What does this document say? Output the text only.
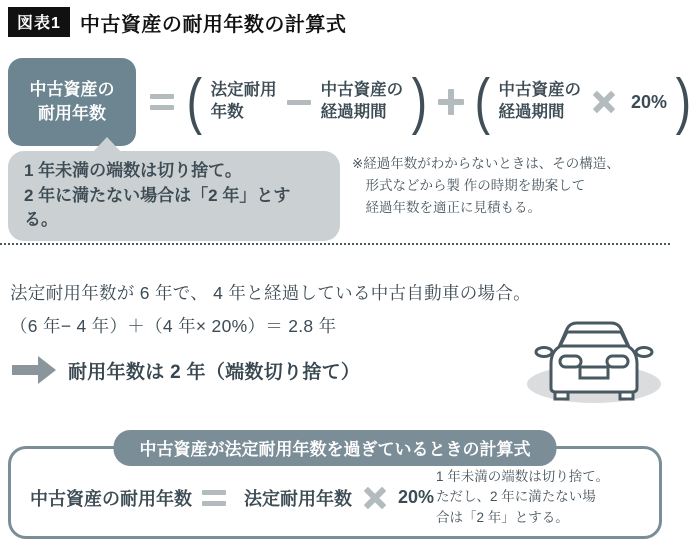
図表1 中古資産の耐用年数の計算式
中古資産の
耐用年数 ( 法定耐用
年数
中古資産の
経過期間 ) ( 中古資産の
経過期間
20% )
1 年未満の端数は切り捨て。
2 年に満たない場合は「2 年」とする。
※経過年数がわからないときは、その構造、
形式などから製 作の時期を勘案して
経過年数を適正に見積もる。
法定耐用年数が 6 年で、 4 年と経過している中古自動車の場合。
（6 年− 4 年）＋（4 年× 20%）＝ 2.8 年
耐用年数は 2 年（端数切り捨て）
中古資産が法定耐用年数を過ぎているときの計算式
中古資産の耐用年数	法定耐用年数	20%
1 年未満の端数は切り捨て。
ただし、2 年に満たない場
合は「2 年」とする。
